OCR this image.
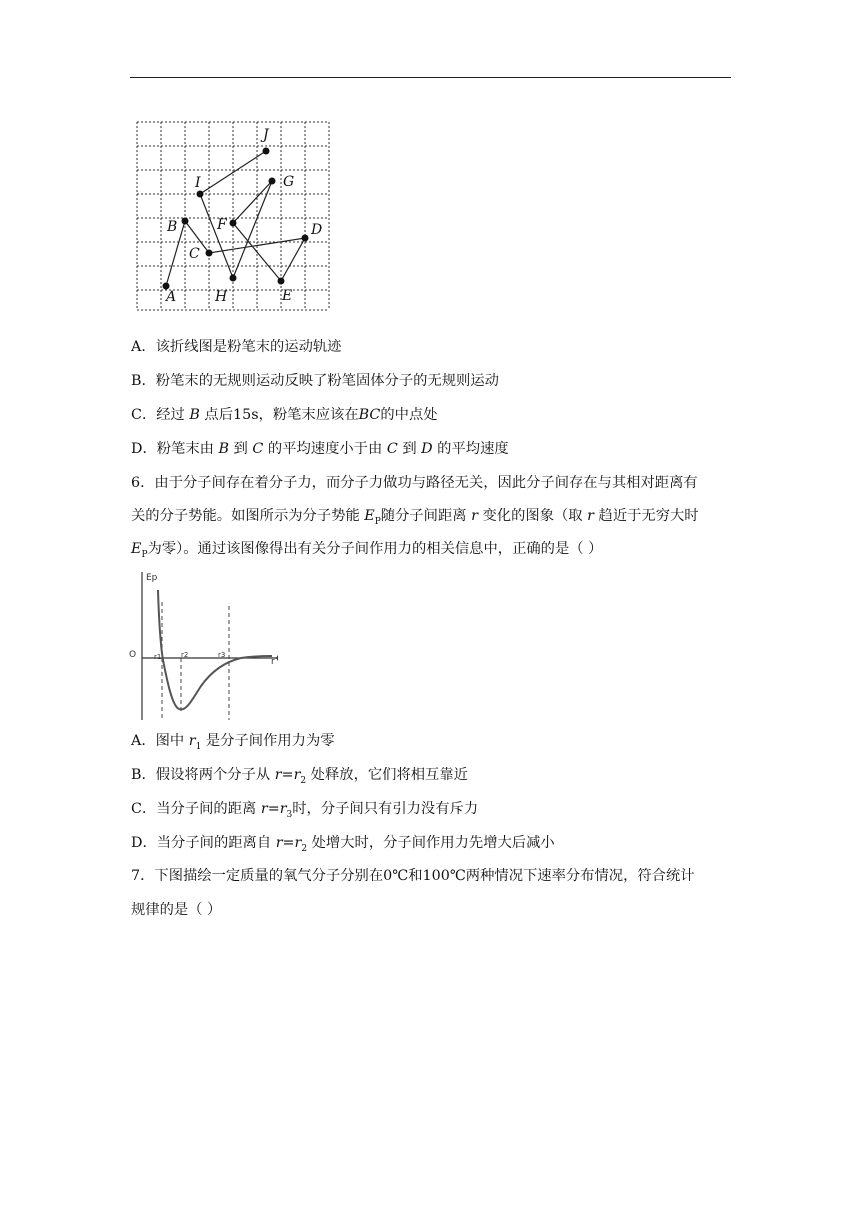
A
B
C
D
E
F
G
H
I
J
A．该折线图是粉笔末的运动轨迹
B．粉笔末的无规则运动反映了粉笔固体分子的无规则运动
C．经过 B 点后15s，粉笔末应该在BC的中点处
D．粉笔末由 B 到 C 的平均速度小于由 C 到 D 的平均速度
6．由于分子间存在着分子力，而分子力做功与路径无关，因此分子间存在与其相对距离有
关的分子势能。如图所示为分子势能 $E_P$随分子间距离 r 变化的图象（取 r 趋近于无穷大时
$E_P$为零）。通过该图像得出有关分子间作用力的相关信息中，正确的是（ ）
Ep
O
r
r1	r2	r3
A．图中 $r_1$ 是分子间作用力为零
B．假设将两个分子从 $r=r_2$ 处释放，它们将相互靠近
C．当分子间的距离 $r=r_3$时，分子间只有引力没有斥力
D．当分子间的距离自 $r=r_2$ 处增大时，分子间作用力先增大后减小
7．下图描绘一定质量的氧气分子分别在0℃和100℃两种情况下速率分布情况，符合统计
规律的是（ ）
